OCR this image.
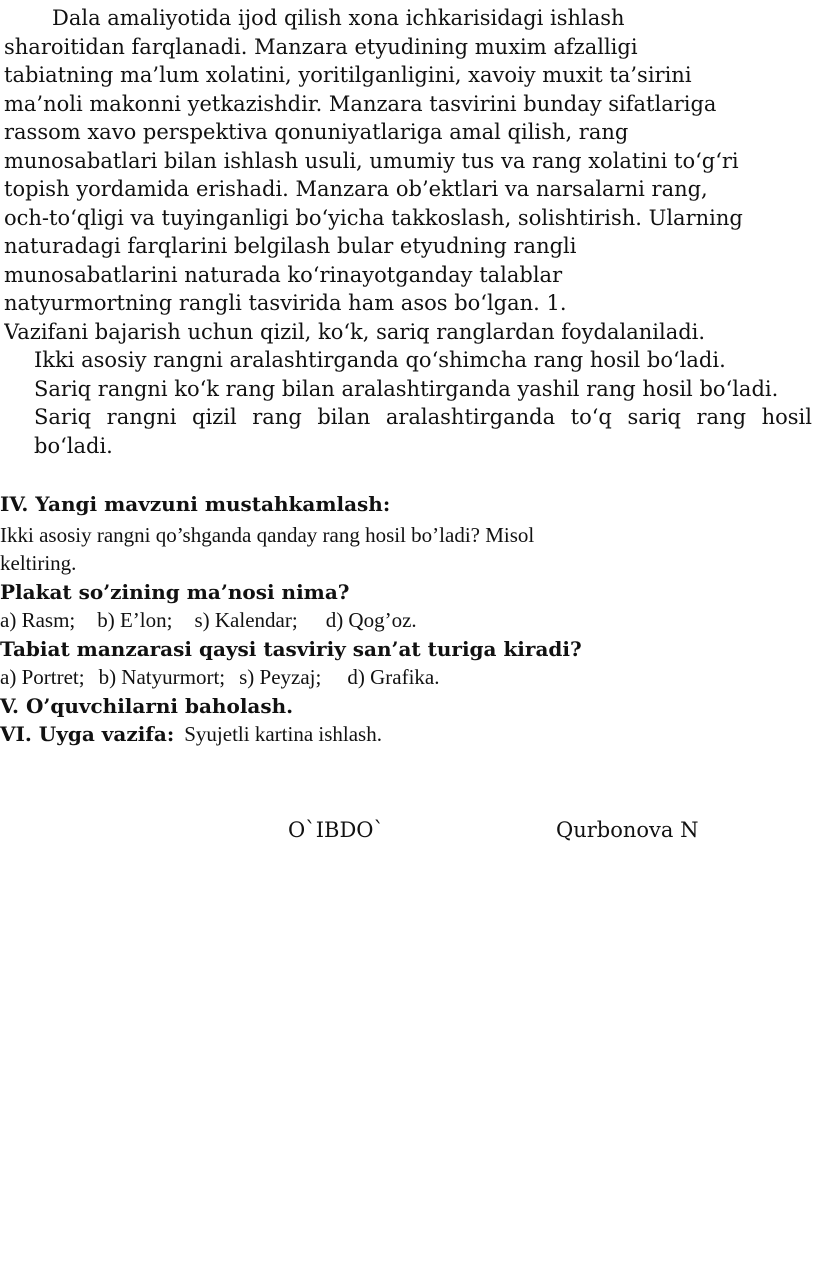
Dala amaliyotida ijod qilish xona ichkarisidagi ishlash
sharoitidan farqlanadi. Manzara etyudining muxim afzalligi
tabiatning ma’lum xolatini, yoritilganligini, xavoiy muxit ta’sirini
ma’noli makonni yetkazishdir. Manzara tasvirini bunday sifatlariga
rassom xavo perspektiva qonuniyatlariga amal qilish, rang
munosabatlari bilan ishlash usuli, umumiy tus va rang xolatini to‘g‘ri
topish yordamida erishadi. Manzara ob’ektlari va narsalarni rang,
och-to‘qligi va tuyinganligi bo‘yicha takkoslash, solishtirish. Ularning
naturadagi farqlarini belgilash bular etyudning rangli
munosabatlarini naturada ko‘rinayotganday talablar
natyurmortning rangli tasvirida ham asos bo‘lgan. 1.
Vazifani bajarish uchun qizil, ko‘k, sariq ranglardan foydalaniladi.
Ikki asosiy rangni aralashtirganda qo‘shimcha rang hosil bo‘ladi.
Sariq rangni ko‘k rang bilan aralashtirganda yashil rang hosil bo‘ladi.
Sariq rangni qizil rang bilan aralashtirganda to‘q sariq rang hosil bo‘ladi.
IV. Yangi mavzuni mustahkamlash:
Ikki asosiy rangni qo’shganda qanday rang hosil bo’ladi? Misol
keltiring.
Plakat so’zining ma’nosi nima?
a) Rasm; b) E’lon; s) Kalendar; d) Qog’oz.
Tabiat manzarasi qaysi tasviriy san’at turiga kiradi?
a) Portret; b) Natyurmort; s) Peyzaj; d) Grafika.
V. O’quvchilarni baholash.
VI. Uyga vazifa: Syujetli kartina ishlash.
O`IBDO`	Qurbonova N
